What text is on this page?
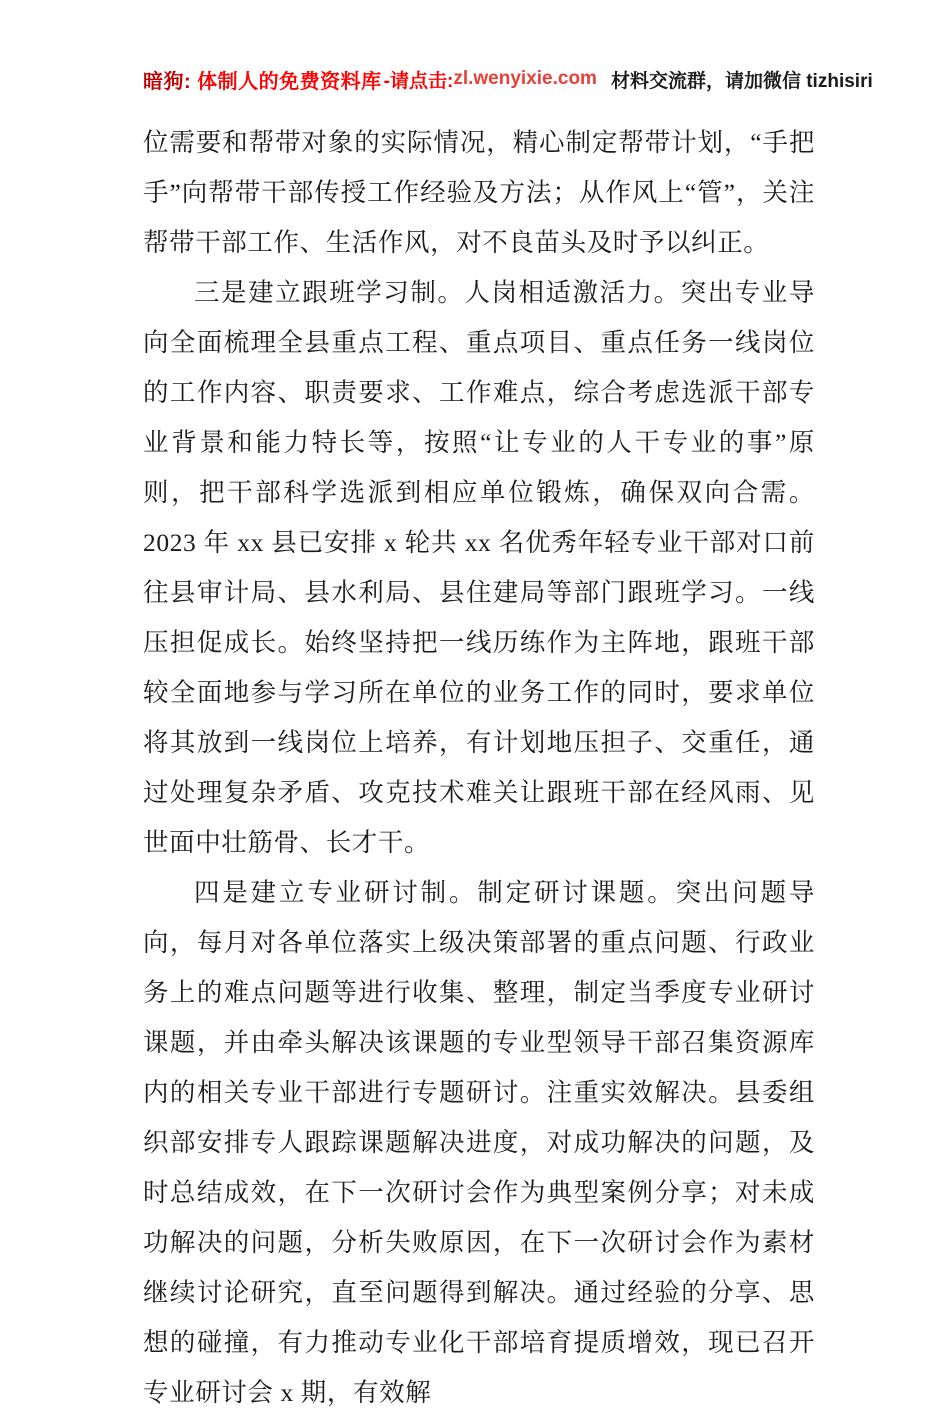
暗狗: 体制人的免费资料库 -请点击: zl.wenyixie.com 材料交流群，请加微信 tizhisiri

位需要和帮带对象的实际情况，精心制定帮带计划，“手把手”向帮带干部传授工作经验及方法；从作风上“管”，关注帮带干部工作、生活作风，对不良苗头及时予以纠正。

三是建立跟班学习制。人岗相适激活力。突出专业导向全面梳理全县重点工程、重点项目、重点任务一线岗位的工作内容、职责要求、工作难点，综合考虑选派干部专业背景和能力特长等，按照“让专业的人干专业的事”原则，把干部科学选派到相应单位锻炼，确保双向合需。2023 年 xx 县已安排 x 轮共 xx 名优秀年轻专业干部对口前往县审计局、县水利局、县住建局等部门跟班学习。一线压担促成长。始终坚持把一线历练作为主阵地，跟班干部较全面地参与学习所在单位的业务工作的同时，要求单位将其放到一线岗位上培养，有计划地压担子、交重任，通过处理复杂矛盾、攻克技术难关让跟班干部在经风雨、见世面中壮筋骨、长才干。

四是建立专业研讨制。制定研讨课题。突出问题导向，每月对各单位落实上级决策部署的重点问题、行政业务上的难点问题等进行收集、整理，制定当季度专业研讨课题，并由牵头解决该课题的专业型领导干部召集资源库内的相关专业干部进行专题研讨。注重实效解决。县委组织部安排专人跟踪课题解决进度，对成功解决的问题，及时总结成效，在下一次研讨会作为典型案例分享；对未成功解决的问题，分析失败原因，在下一次研讨会作为素材继续讨论研究，直至问题得到解决。通过经验的分享、思想的碰撞，有力推动专业化干部培育提质增效，现已召开专业研讨会 x 期，有效解
